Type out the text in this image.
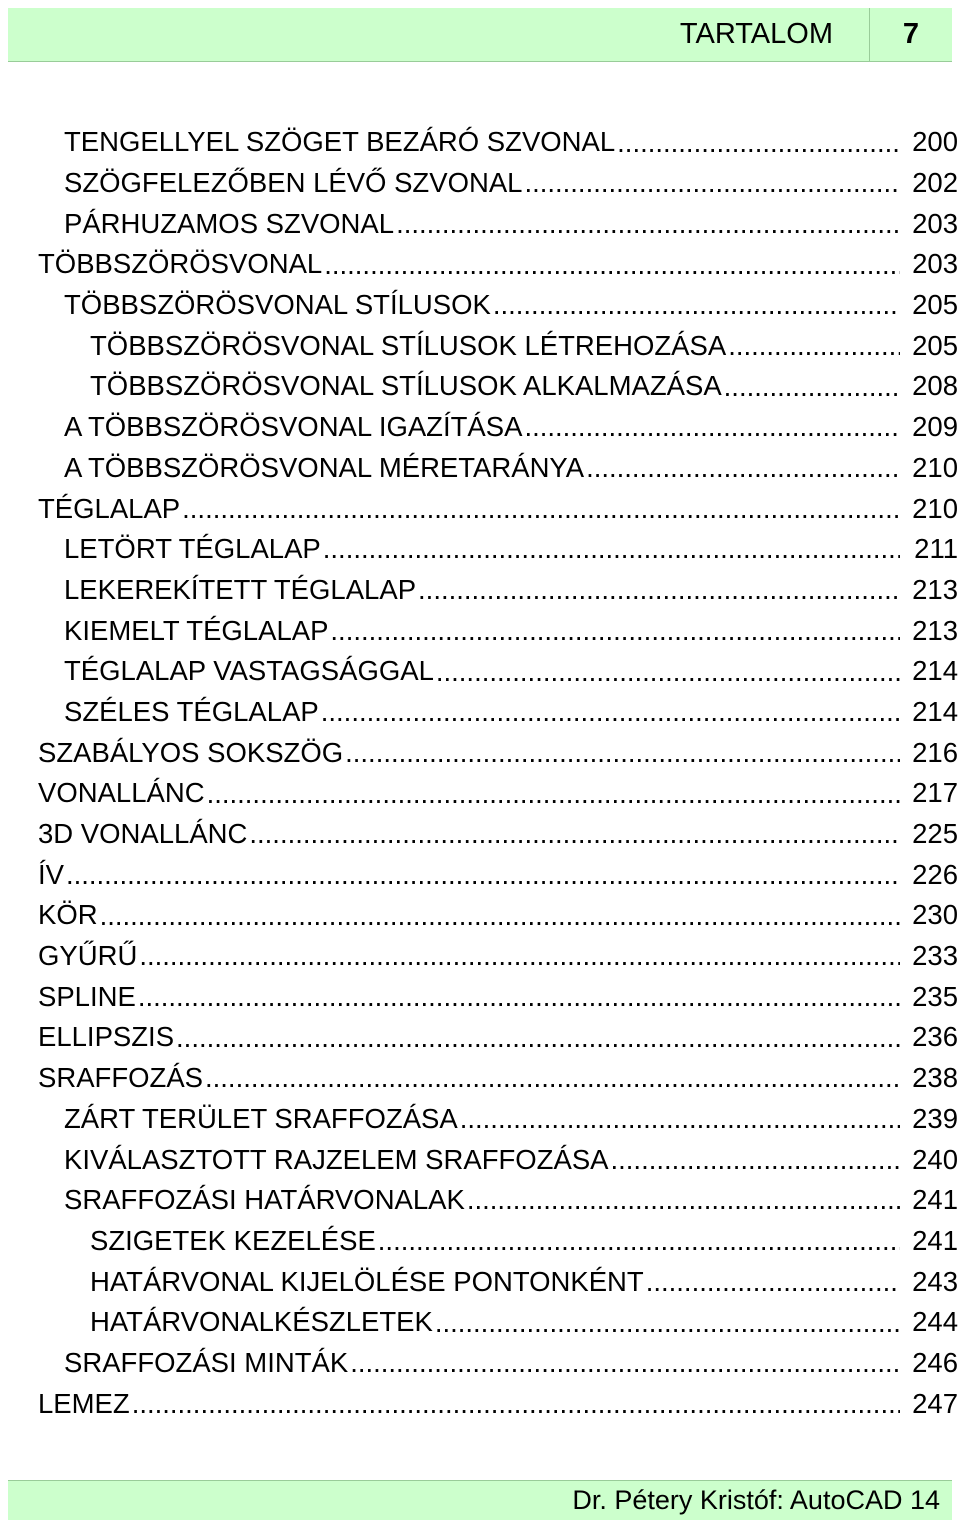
TARTALOM	7
TENGELLYEL SZÖGET BEZÁRÓ SZVONAL .....	200
SZÖGFELEZŐBEN LÉVŐ SZVONAL .....	202
PÁRHUZAMOS SZVONAL .....	203
TÖBBSZÖRÖSVONAL .....	203
TÖBBSZÖRÖSVONAL STÍLUSOK .....	205
TÖBBSZÖRÖSVONAL STÍLUSOK LÉTREHOZÁSA .....	205
TÖBBSZÖRÖSVONAL STÍLUSOK ALKALMAZÁSA .....	208
A TÖBBSZÖRÖSVONAL IGAZÍTÁSA .....	209
A TÖBBSZÖRÖSVONAL MÉRETARÁNYA .....	210
TÉGLALAP .....	210
LETÖRT TÉGLALAP .....	211
LEKEREKÍTETT TÉGLALAP .....	213
KIEMELT TÉGLALAP .....	213
TÉGLALAP VASTAGSÁGGAL .....	214
SZÉLES TÉGLALAP .....	214
SZABÁLYOS SOKSZÖG .....	216
VONALLÁNC .....	217
3D VONALLÁNC .....	225
ÍV .....	226
KÖR .....	230
GYŰRŰ .....	233
SPLINE .....	235
ELLIPSZIS .....	236
SRAFFOZÁS .....	238
ZÁRT TERÜLET SRAFFOZÁSA .....	239
KIVÁLASZTOTT RAJZELEM SRAFFOZÁSA .....	240
SRAFFOZÁSI HATÁRVONALAK .....	241
SZIGETEK KEZELÉSE .....	241
HATÁRVONAL KIJELÖLÉSE PONTONKÉNT .....	243
HATÁRVONALKÉSZLETEK .....	244
SRAFFOZÁSI MINTÁK .....	246
LEMEZ .....	247
Dr. Pétery Kristóf: AutoCAD 14
